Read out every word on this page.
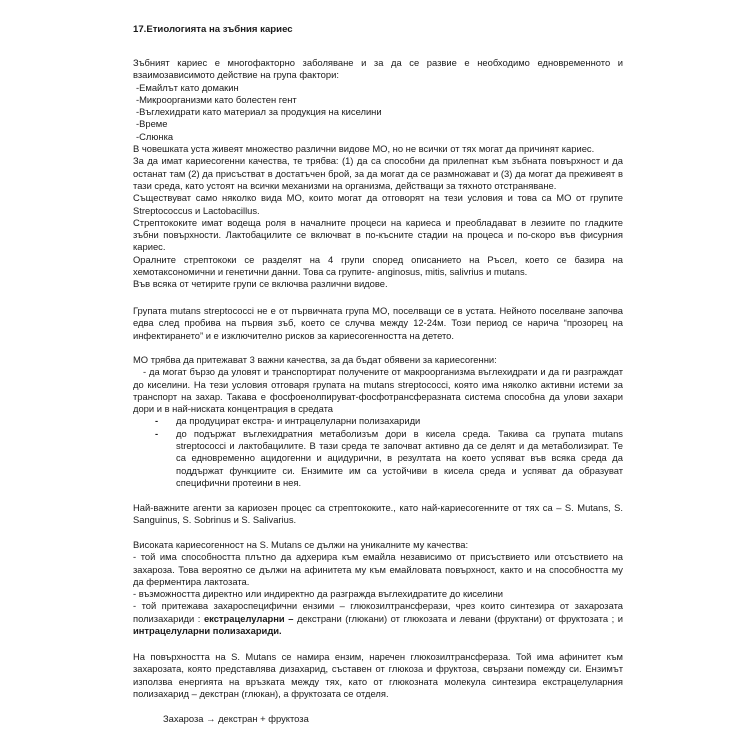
17.Етиологията на зъбния кариес

Зъбният кариес е многофакторно заболяване и за да се развие е необходимо едновременното и взаимозависимото действие на група фактори:

-Емайлът като домакин

-Микроорганизми като болестен гент

-Въглехидрати като материал за продукция на киселини

-Време

-Слюнка

В човешката уста живеят множество различни видове МО, но не всички от тях могат да причинят кариес.

За да имат кариесогенни качества, те трябва: (1) да са способни да прилепнат към зъбната повърхност и да останат там (2) да присъстват в достатъчен брой, за да могат да се размножават и (3) да могат да преживеят в тази среда, като устоят на всички механизми на организма, действащи за тяхното отстраняване.

Съществуват само няколко вида МО, които могат да отговорят на тези условия и това са МО от групите Streptococcus и Lactobacillus.

Стрептококите имат водеща роля в началните процеси на кариеса и преобладават в лезиите по гладките зъбни повърхности. Лактобацилите се включват в по-късните стадии на процеса и по-скоро във фисурния кариес.

Оралните стрептококи се разделят на 4 групи според описанието на Ръсел, което се базира на хемотаксономични и генетични данни. Това са групите- anginosus, mitis, salivrius и mutans.

Във всяка от четирите групи се включва различни видове.

Групата mutans streptococci не е от първичната група МО, поселващи се в устата. Нейното поселване започва едва след пробива на първия зъб, което се случва между 12-24м. Този период се нарича “прозорец на инфектирането” и е изключително рисков за кариесогенността на детето.

МО трябва да притежават 3 важни качества, за да бъдат обявени за кариесогенни:

- да могат бързо да уловят и транспортират получените от макроорганизма въглехидрати и да ги разграждат до киселини. На тези условия отговаря групата на mutans streptococci, която има няколко активни истеми за транспорт на захар. Такава е фосфоенолпируват-фосфотрансферазната система способна да улови захари дори и в най-ниската концентрация в средата

-
да продуцират екстра- и интрацелуларни полизахариди

-
до подържат въглехидратния метаболизъм дори в кисела среда. Такива са групата mutans streptococci и лактобацилите. В тази среда те започват активно да се делят и да метаболизират. Те са едновременно ацидогенни и ацидурични, в резултата на което успяват във всяка среда да поддържат функциите си. Ензимите им са устойчиви в кисела среда и успяват да образуват специфични протеини в нея.

Най-важните агенти за кариозен процес са стрептококите., като най-кариесогенните от тях са – S. Mutans, S. Sanguinus, S. Sobrinus и S. Salivarius.

Високата кариесогенност на S. Mutans се дължи на уникалните му качества:

- той има способността плътно да адхерира към емайла независимо от присъствието или отсъствието на захароза. Това вероятно се дължи на афинитета му към емайловата повърхност, както и на способността му да ферментира лактозата.

- възможността директно или индиректно да разгражда въглехидратите до киселини

- той притежава захароспецифични ензими – глюкозилтрансферази, чрез които синтезира от захарозата полизахариди : екстрацелуларни – декстрани (глюкани) от глюкозата и левани (фруктани) от фруктозата ; и интрацелуларни полизахариди.

На повърхността на S. Mutans се намира ензим, наречен глюкозилтрансфераза. Той има афинитет към захарозата, която представлява дизахарид, съставен от глюкоза и фруктоза, свързани помежду си. Ензимът използва енергията на връзката между тях, като от глюкозната молекула синтезира екстрацелуларния полизахарид – декстран (глюкан), а фруктозата се отделя.

Захароза → декстран + фруктоза
